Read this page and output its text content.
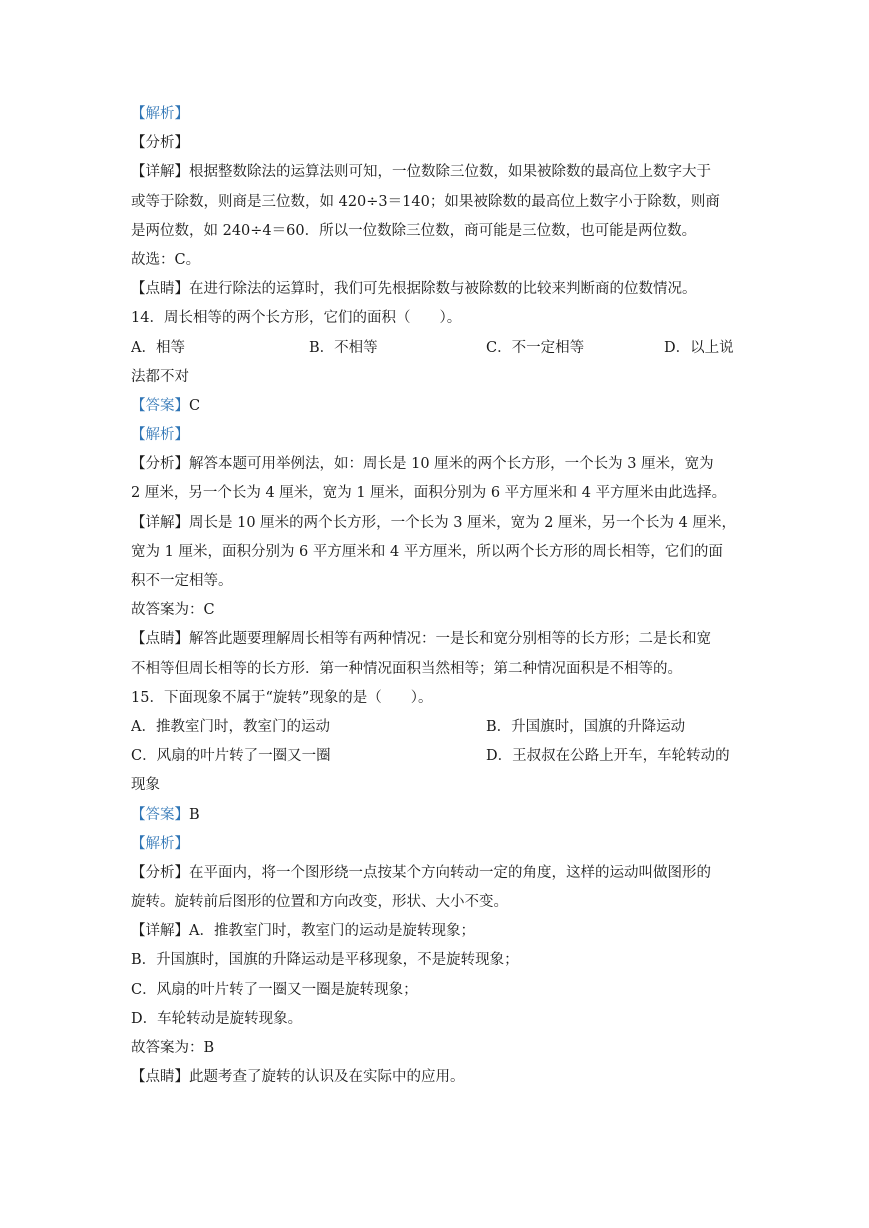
【解析】
【分析】
【详解】根据整数除法的运算法则可知，一位数除三位数，如果被除数的最高位上数字大于
或等于除数，则商是三位数，如 420÷3＝140；如果被除数的最高位上数字小于除数，则商
是两位数，如 240÷4＝60．所以一位数除三位数，商可能是三位数，也可能是两位数。
故选：C。
【点睛】在进行除法的运算时，我们可先根据除数与被除数的比较来判断商的位数情况。
14．周长相等的两个长方形，它们的面积（　　）。
A．相等	B．不相等	C．不一定相等	D．以上说
法都不对
【答案】C
【解析】
【分析】解答本题可用举例法，如：周长是 10 厘米的两个长方形，一个长为 3 厘米，宽为
2 厘米，另一个长为 4 厘米，宽为 1 厘米，面积分别为 6 平方厘米和 4 平方厘米由此选择。
【详解】周长是 10 厘米的两个长方形，一个长为 3 厘米，宽为 2 厘米，另一个长为 4 厘米，
宽为 1 厘米，面积分别为 6 平方厘米和 4 平方厘米，所以两个长方形的周长相等，它们的面
积不一定相等。
故答案为：C
【点睛】解答此题要理解周长相等有两种情况：一是长和宽分别相等的长方形；二是长和宽
不相等但周长相等的长方形．第一种情况面积当然相等；第二种情况面积是不相等的。
15．下面现象不属于“旋转”现象的是（　　）。
A．推教室门时，教室门的运动	B．升国旗时，国旗的升降运动
C．风扇的叶片转了一圈又一圈	D．王叔叔在公路上开车，车轮转动的
现象
【答案】B
【解析】
【分析】在平面内，将一个图形绕一点按某个方向转动一定的角度，这样的运动叫做图形的
旋转。旋转前后图形的位置和方向改变，形状、大小不变。
【详解】A．推教室门时，教室门的运动是旋转现象；
B．升国旗时，国旗的升降运动是平移现象，不是旋转现象；
C．风扇的叶片转了一圈又一圈是旋转现象；
D．车轮转动是旋转现象。
故答案为：B
【点睛】此题考查了旋转的认识及在实际中的应用。
